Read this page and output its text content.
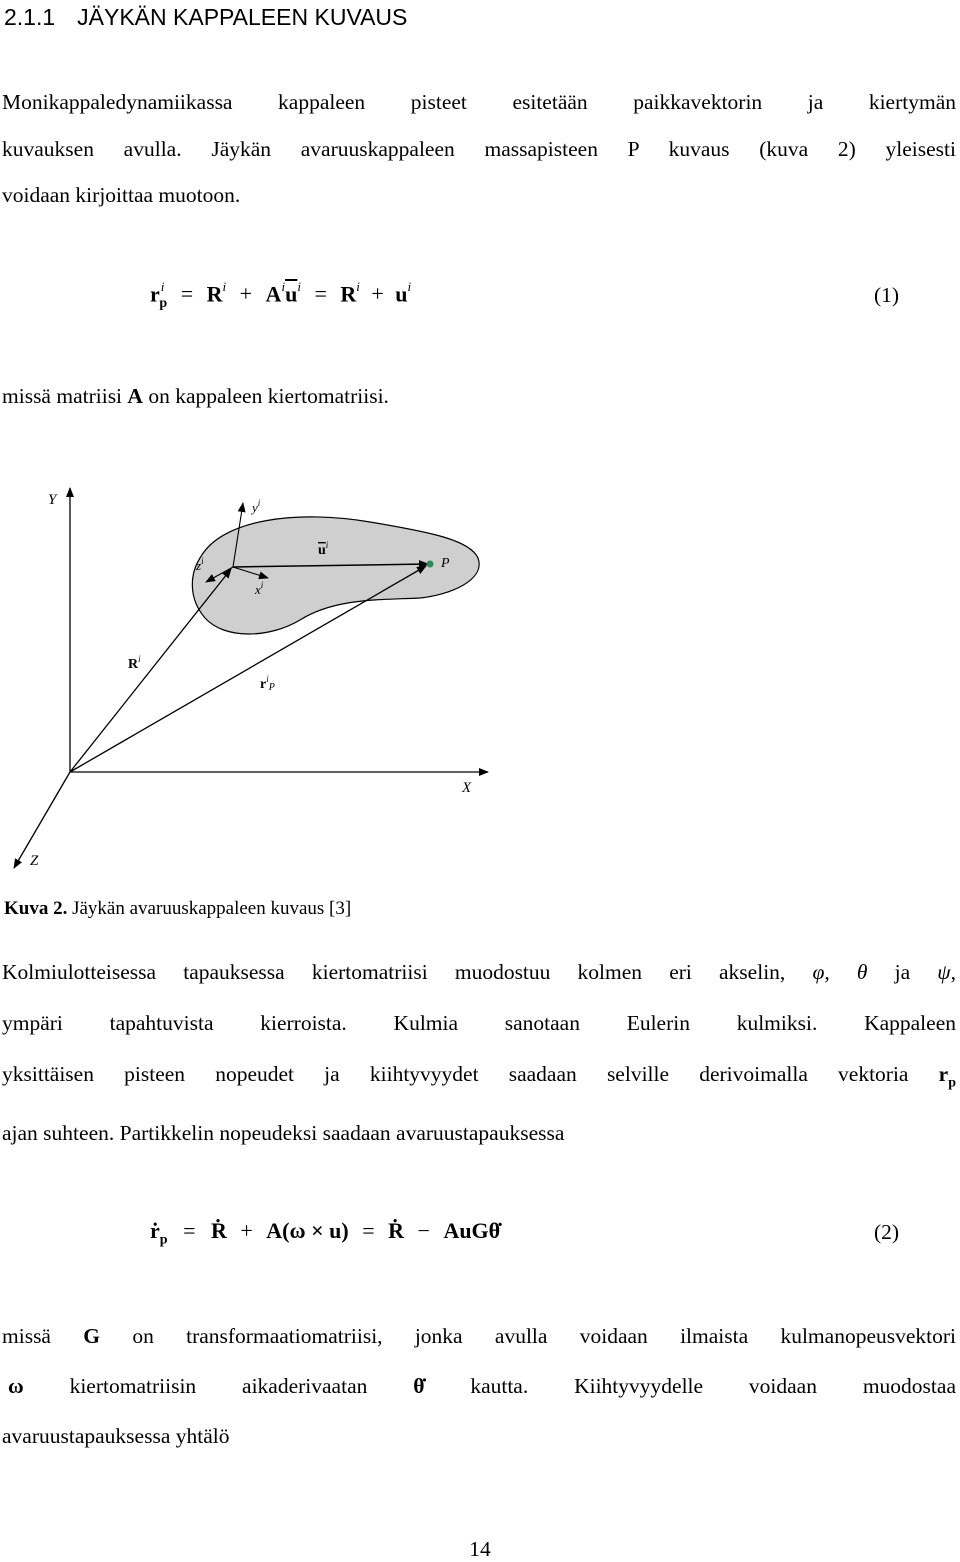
2.1.1 JÄYKÄN KAPPALEEN KUVAUS
Monikappaledynamiikassa kappaleen pisteet esitetään paikkavektorin ja kiertymän
kuvauksen avulla. Jäykän avaruuskappaleen massapisteen P kuvaus (kuva 2) yleisesti
voidaan kirjoittaa muotoon.
$r^i_p = R^i + A^i\overline{u}^i = R^i + u^i$	(1)
missä matriisi A on kappaleen kiertomatriisi.
Y
X
Z
$y^i$
$z^i$
$x^i$
$u^i$
P
$R^i$
$r^i_P$
Kuva 2. Jäykän avaruuskappaleen kuvaus [3]
Kolmiulotteisessa tapauksessa kiertomatriisi muodostuu kolmen eri akselin, φ, θ ja ψ,
ympäri tapahtuvista kierroista. Kulmia sanotaan Eulerin kulmiksi. Kappaleen
yksittäisen pisteen nopeudet ja kiihtyvyydet saadaan selville derivoimalla vektoria $r_p$
ajan suhteen. Partikkelin nopeudeksi saadaan avaruustapauksessa
ṙ$_p$ = Ṙ + A(ω × u) = Ṙ − AuGθ̇	(2)
missä G on transformaatiomatriisi, jonka avulla voidaan ilmaista kulmanopeusvektori
ω kiertomatriisin aikaderivaatan θ̇ kautta. Kiihtyvyydelle voidaan muodostaa
avaruustapauksessa yhtälö
14
